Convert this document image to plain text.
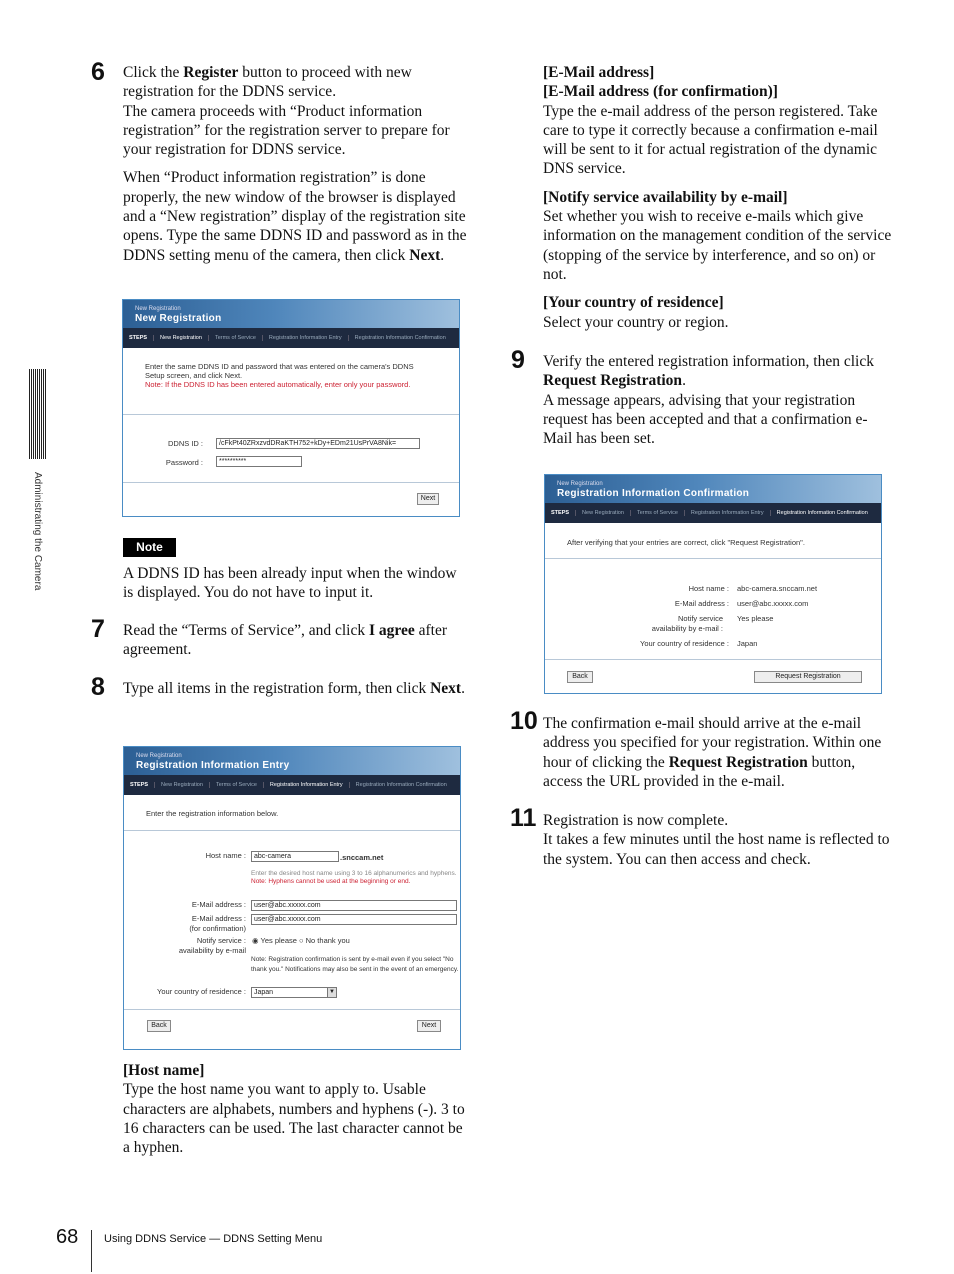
Administrating the Camera
6 Click the Register button to proceed with new registration for the DDNS service.

The camera proceeds with “Product information registration” for the registration server to prepare for your registration for DDNS service.

When “Product information registration” is done properly, the new window of the browser is displayed and a “New registration” display of the registration site opens. Type the same DDNS ID and password as in the DDNS setting menu of the camera, then click Next.

New Registration
New Registration
STEPS	New Registration	Terms of Service	Registration Information Entry	Registration Information Confirmation
Enter the same DDNS ID and password that was entered on the camera's DDNS Setup screen, and click Next.
Note: If the DDNS ID has been entered automatically, enter only your password.
DDNS ID :	/cFkPt40ZRxzvdDRaKTH752+kDy+EDm21UsPrVA8Nik=
Password :	**********
Next
Note
A DDNS ID has been already input when the window is displayed. You do not have to input it.
7 Read the “Terms of Service”, and click I agree after agreement.
8 Type all items in the registration form, then click Next.
New Registration
Registration Information Entry
STEPS	New Registration	Terms of Service	Registration Information Entry	Registration Information Confirmation
Enter the registration information below.
Host name :	abc-camera	.snccam.net
Enter the desired host name using 3 to 16 alphanumerics and hyphens.
Note: Hyphens cannot be used at the beginning or end.
E-Mail address :	user@abc.xxxxx.com
E-Mail address :
(for confirmation)
user@abc.xxxxx.com
Notify service :
availability by e-mail
◉ Yes please ○ No thank you
Note: Registration confirmation is sent by e-mail even if you select "No thank you." Notifications may also be sent in the event of an emergency.
Your country of residence :	Japan	▼
Back	Next

[Host name]

Type the host name you want to apply to. Usable characters are alphabets, numbers and hyphens (-). 3 to 16 characters can be used. The last character cannot be a hyphen.

[E-Mail address]

[E-Mail address (for confirmation)]

Type the e-mail address of the person registered. Take care to type it correctly because a confirmation e-mail will be sent to it for actual registration of the dynamic DNS service.

[Notify service availability by e-mail]

Set whether you wish to receive e-mails which give information on the management condition of the service (stopping of the service by interference, and so on) or not.

[Your country of residence]

Select your country or region.

9 Verify the entered registration information, then click Request Registration.

A message appears, advising that your registration request has been accepted and that a confirmation e-Mail has been set.

New Registration
Registration Information Confirmation
STEPS	New Registration	Terms of Service	Registration Information Entry	Registration Information Confirmation
After verifying that your entries are correct, click "Request Registration".
Host name : abc-camera.snccam.net
E-Mail address : user@abc.xxxxx.com
Notify service
availability by e-mail :
Yes please
Your country of residence : Japan
Back	Request Registration
10 The confirmation e-mail should arrive at the e-mail address you specified for your registration. Within one hour of clicking the Request Registration button, access the URL provided in the e-mail.
11 Registration is now complete.

It takes a few minutes until the host name is reflected to the system. You can then access and check.

68 Using DDNS Service — DDNS Setting Menu
